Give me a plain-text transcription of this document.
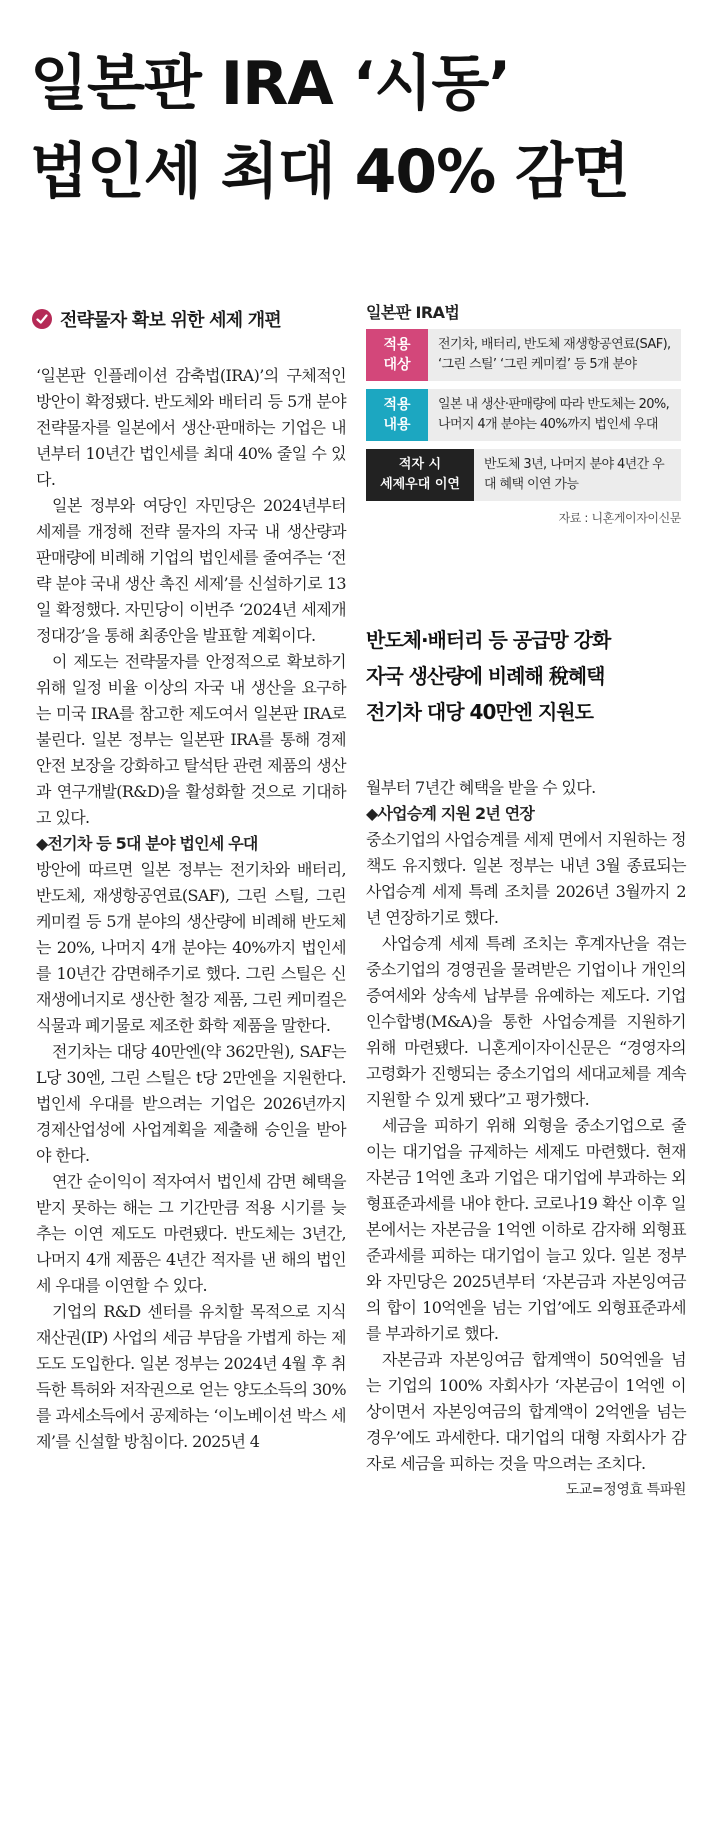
일본판 IRA ‘시동’
법인세 최대 40% 감면
전략물자 확보 위한 세제 개편	일본판 IRA법
적용
대상
전기차, 배터리, 반도체 재생항공연료(SAF), ‘그린 스틸’ ‘그린 케미컬’ 등 5개 분야
적용
내용
일본 내 생산·판매량에 따라 반도체는 20%, 나머지 4개 분야는 40%까지 법인세 우대
적자 시
세제우대 이연
반도체 3년, 나머지 분야 4년간 우대 혜택 이연 가능
자료 : 니혼게이자이신문
반도체·배터리 등 공급망 강화
자국 생산량에 비례해 稅혜택
전기차 대당 40만엔 지원도

‘일본판 인플레이션 감축법(IRA)’의 구체적인 방안이 확정됐다. 반도체와 배터리 등 5개 분야 전략물자를 일본에서 생산·판매하는 기업은 내년부터 10년간 법인세를 최대 40% 줄일 수 있다.

일본 정부와 여당인 자민당은 2024년부터 세제를 개정해 전략 물자의 자국 내 생산량과 판매량에 비례해 기업의 법인세를 줄여주는 ‘전략 분야 국내 생산 촉진 세제’를 신설하기로 13일 확정했다. 자민당이 이번주 ‘2024년 세제개정대강’을 통해 최종안을 발표할 계획이다.

이 제도는 전략물자를 안정적으로 확보하기 위해 일정 비율 이상의 자국 내 생산을 요구하는 미국 IRA를 참고한 제도여서 일본판 IRA로 불린다. 일본 정부는 일본판 IRA를 통해 경제 안전 보장을 강화하고 탈석탄 관련 제품의 생산과 연구개발(R&D)을 활성화할 것으로 기대하고 있다.

◆전기차 등 5대 분야 법인세 우대

방안에 따르면 일본 정부는 전기차와 배터리, 반도체, 재생항공연료(SAF), 그린 스틸, 그린 케미컬 등 5개 분야의 생산량에 비례해 반도체는 20%, 나머지 4개 분야는 40%까지 법인세를 10년간 감면해주기로 했다. 그린 스틸은 신재생에너지로 생산한 철강 제품, 그린 케미컬은 식물과 폐기물로 제조한 화학 제품을 말한다.

전기차는 대당 40만엔(약 362만원), SAF는 L당 30엔, 그린 스틸은 t당 2만엔을 지원한다. 법인세 우대를 받으려는 기업은 2026년까지 경제산업성에 사업계획을 제출해 승인을 받아야 한다.

연간 순이익이 적자여서 법인세 감면 혜택을 받지 못하는 해는 그 기간만큼 적용 시기를 늦추는 이연 제도도 마련됐다. 반도체는 3년간, 나머지 4개 제품은 4년간 적자를 낸 해의 법인세 우대를 이연할 수 있다.

기업의 R&D 센터를 유치할 목적으로 지식재산권(IP) 사업의 세금 부담을 가볍게 하는 제도도 도입한다. 일본 정부는 2024년 4월 후 취득한 특허와 저작권으로 얻는 양도소득의 30%를 과세소득에서 공제하는 ‘이노베이션 박스 세제’를 신설할 방침이다. 2025년 4

월부터 7년간 혜택을 받을 수 있다.

◆사업승계 지원 2년 연장

중소기업의 사업승계를 세제 면에서 지원하는 정책도 유지했다. 일본 정부는 내년 3월 종료되는 사업승계 세제 특례 조치를 2026년 3월까지 2년 연장하기로 했다.

사업승계 세제 특례 조치는 후계자난을 겪는 중소기업의 경영권을 물려받은 기업이나 개인의 증여세와 상속세 납부를 유예하는 제도다. 기업 인수합병(M&A)을 통한 사업승계를 지원하기 위해 마련됐다. 니혼게이자이신문은 “경영자의 고령화가 진행되는 중소기업의 세대교체를 계속 지원할 수 있게 됐다”고 평가했다.

세금을 피하기 위해 외형을 중소기업으로 줄이는 대기업을 규제하는 세제도 마련했다. 현재 자본금 1억엔 초과 기업은 대기업에 부과하는 외형표준과세를 내야 한다. 코로나19 확산 이후 일본에서는 자본금을 1억엔 이하로 감자해 외형표준과세를 피하는 대기업이 늘고 있다. 일본 정부와 자민당은 2025년부터 ‘자본금과 자본잉여금의 합이 10억엔을 넘는 기업’에도 외형표준과세를 부과하기로 했다.

자본금과 자본잉여금 합계액이 50억엔을 넘는 기업의 100% 자회사가 ‘자본금이 1억엔 이상이면서 자본잉여금의 합계액이 2억엔을 넘는 경우’에도 과세한다. 대기업의 대형 자회사가 감자로 세금을 피하는 것을 막으려는 조치다.

도교=정영효 특파원
